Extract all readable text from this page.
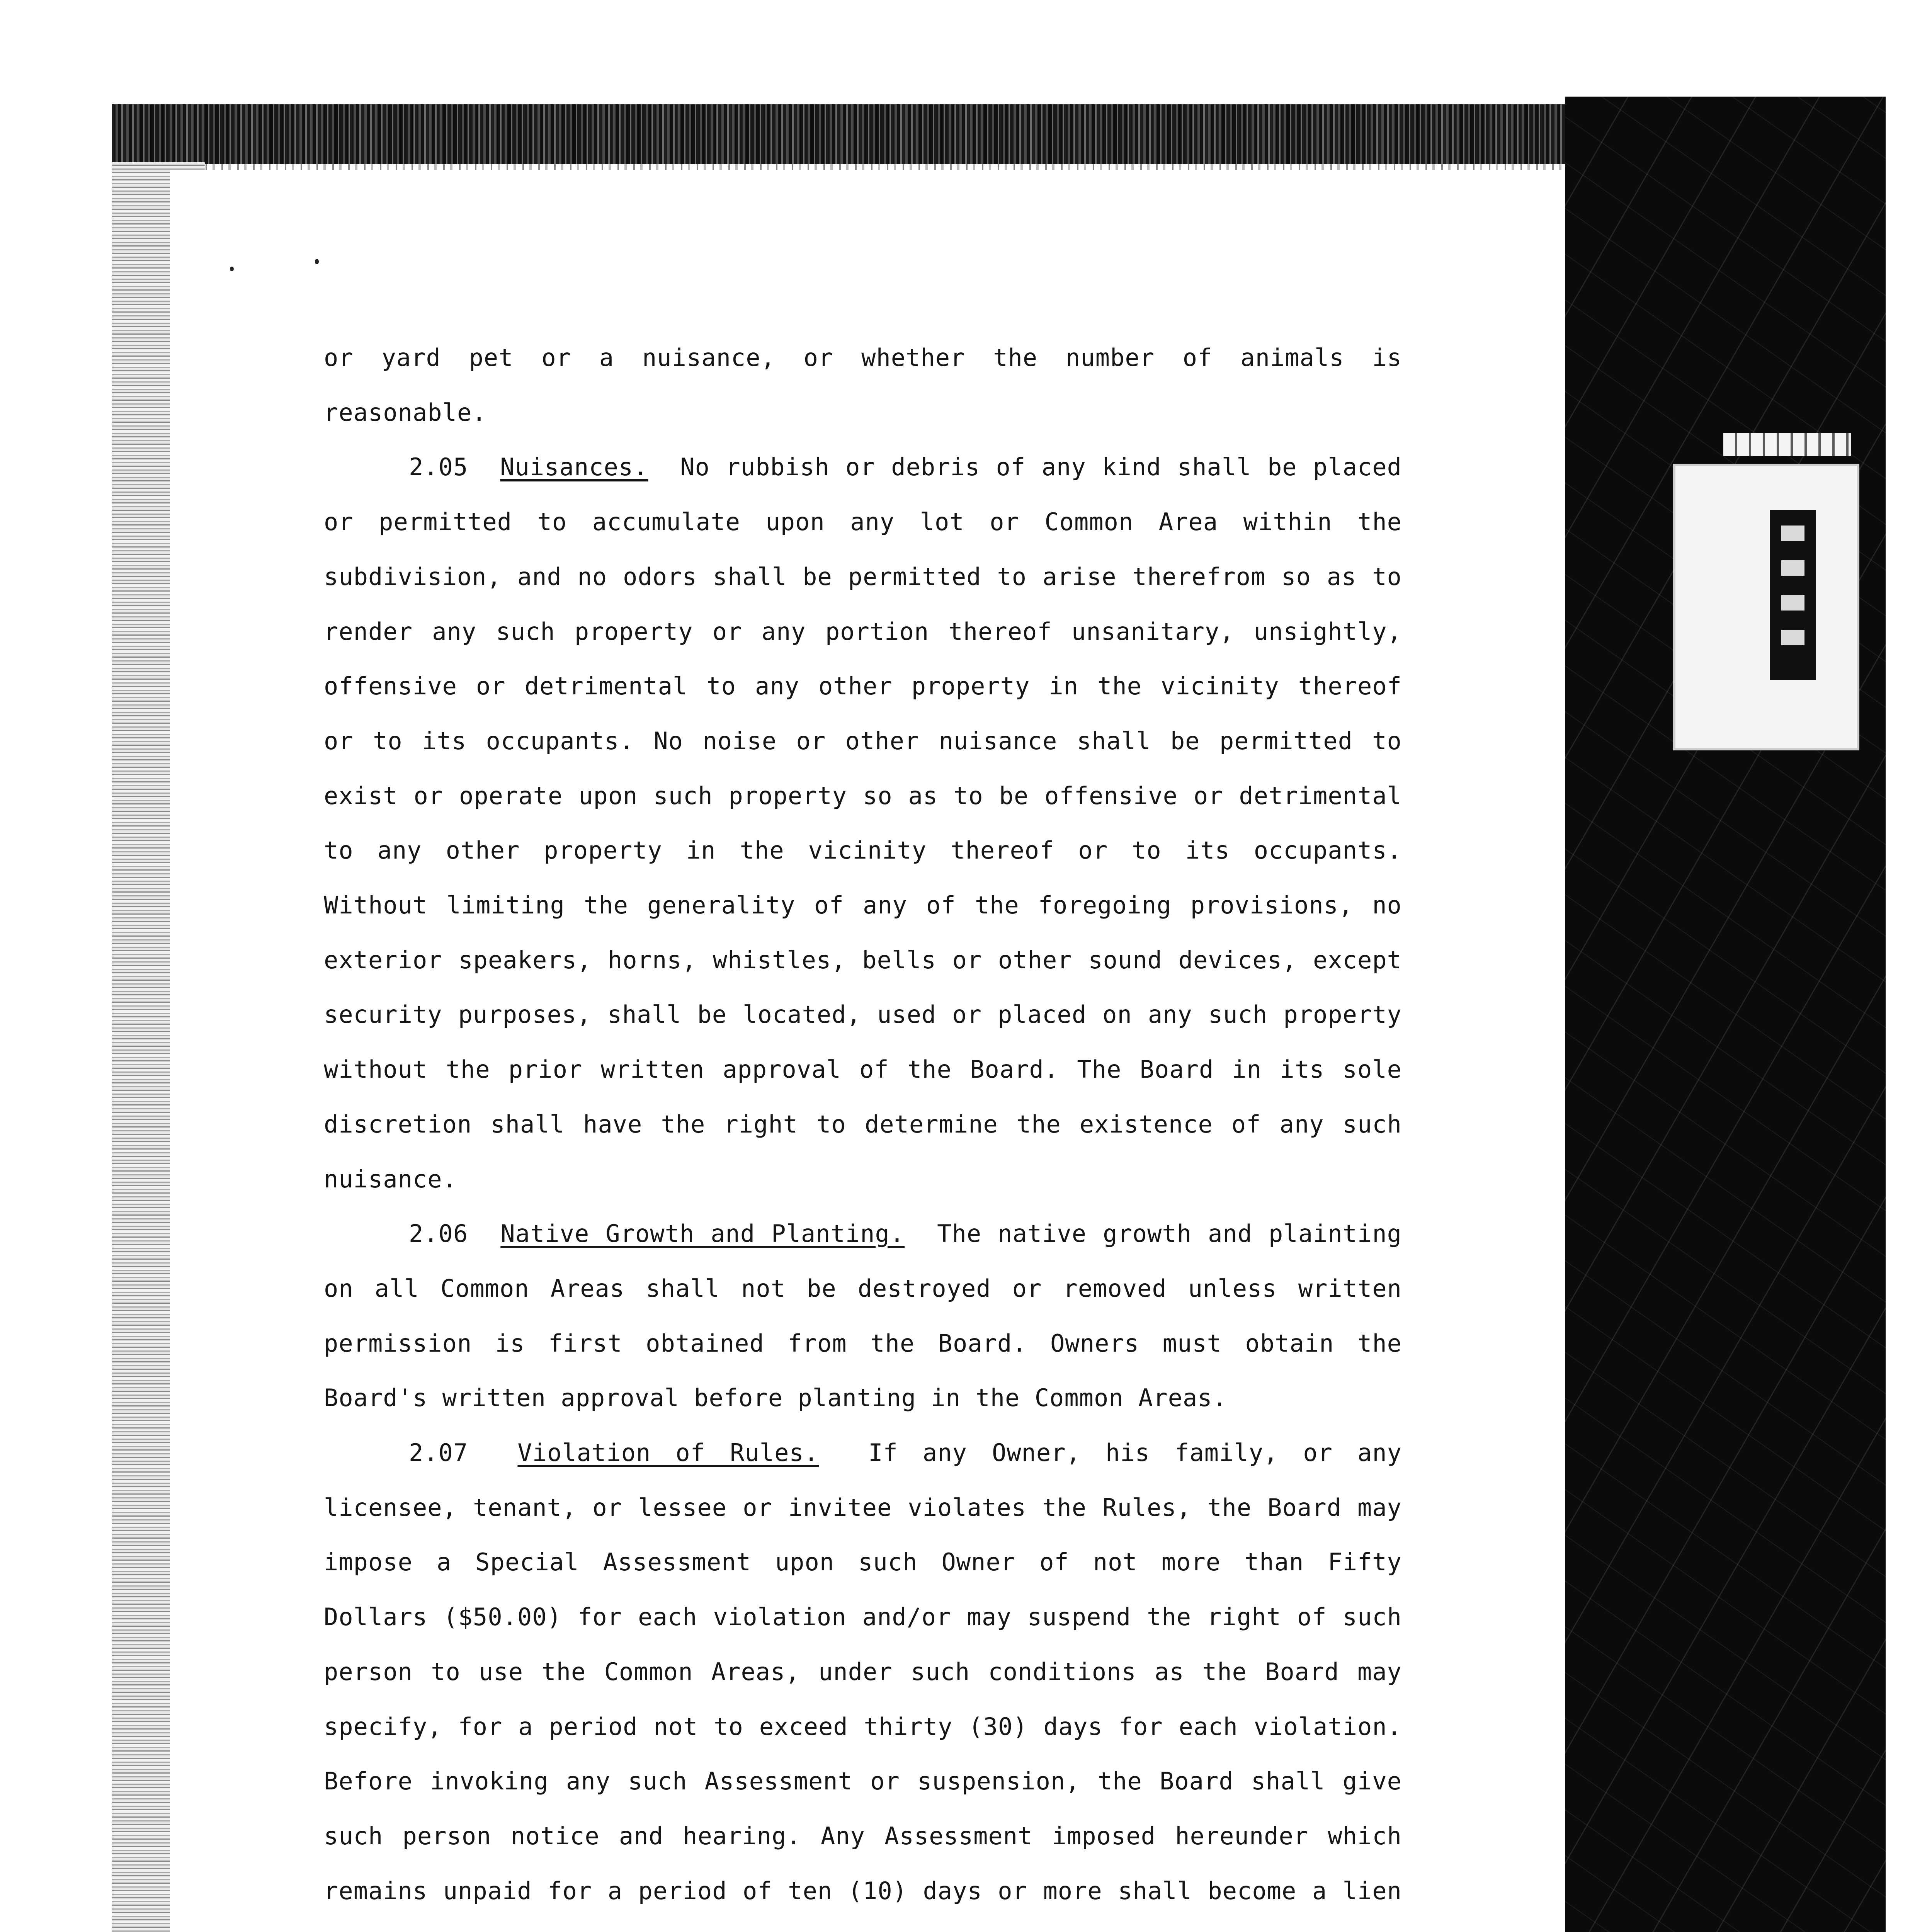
or yard pet or a nuisance, or whether the number of animals is reasonable.

2.05 Nuisances. No rubbish or debris of any kind shall be placed or permitted to accumulate upon any lot or Common Area within the subdivision, and no odors shall be permitted to arise therefrom so as to render any such property or any portion thereof unsanitary, unsightly, offensive or detrimental to any other property in the vicinity thereof or to its occupants. No noise or other nuisance shall be permitted to exist or operate upon such property so as to be offensive or detrimental to any other property in the vicinity thereof or to its occupants. Without limiting the generality of any of the foregoing provisions, no exterior speakers, horns, whistles, bells or other sound devices, except security purposes, shall be located, used or placed on any such property without the prior written approval of the Board. The Board in its sole discretion shall have the right to determine the existence of any such nuisance.

2.06 Native Growth and Planting. The native growth and plainting on all Common Areas shall not be destroyed or removed unless written permission is first obtained from the Board. Owners must obtain the Board's written approval before planting in the Common Areas.

2.07 Violation of Rules. If any Owner, his family, or any licensee, tenant, or lessee or invitee violates the Rules, the Board may impose a Special Assessment upon such Owner of not more than Fifty Dollars ($50.00) for each violation and/or may suspend the right of such person to use the Common Areas, under such conditions as the Board may specify, for a period not to exceed thirty (30) days for each violation. Before invoking any such Assessment or suspension, the Board shall give such person notice and hearing. Any Assessment imposed hereunder which remains unpaid for a period of ten (10) days or more shall become a lien
